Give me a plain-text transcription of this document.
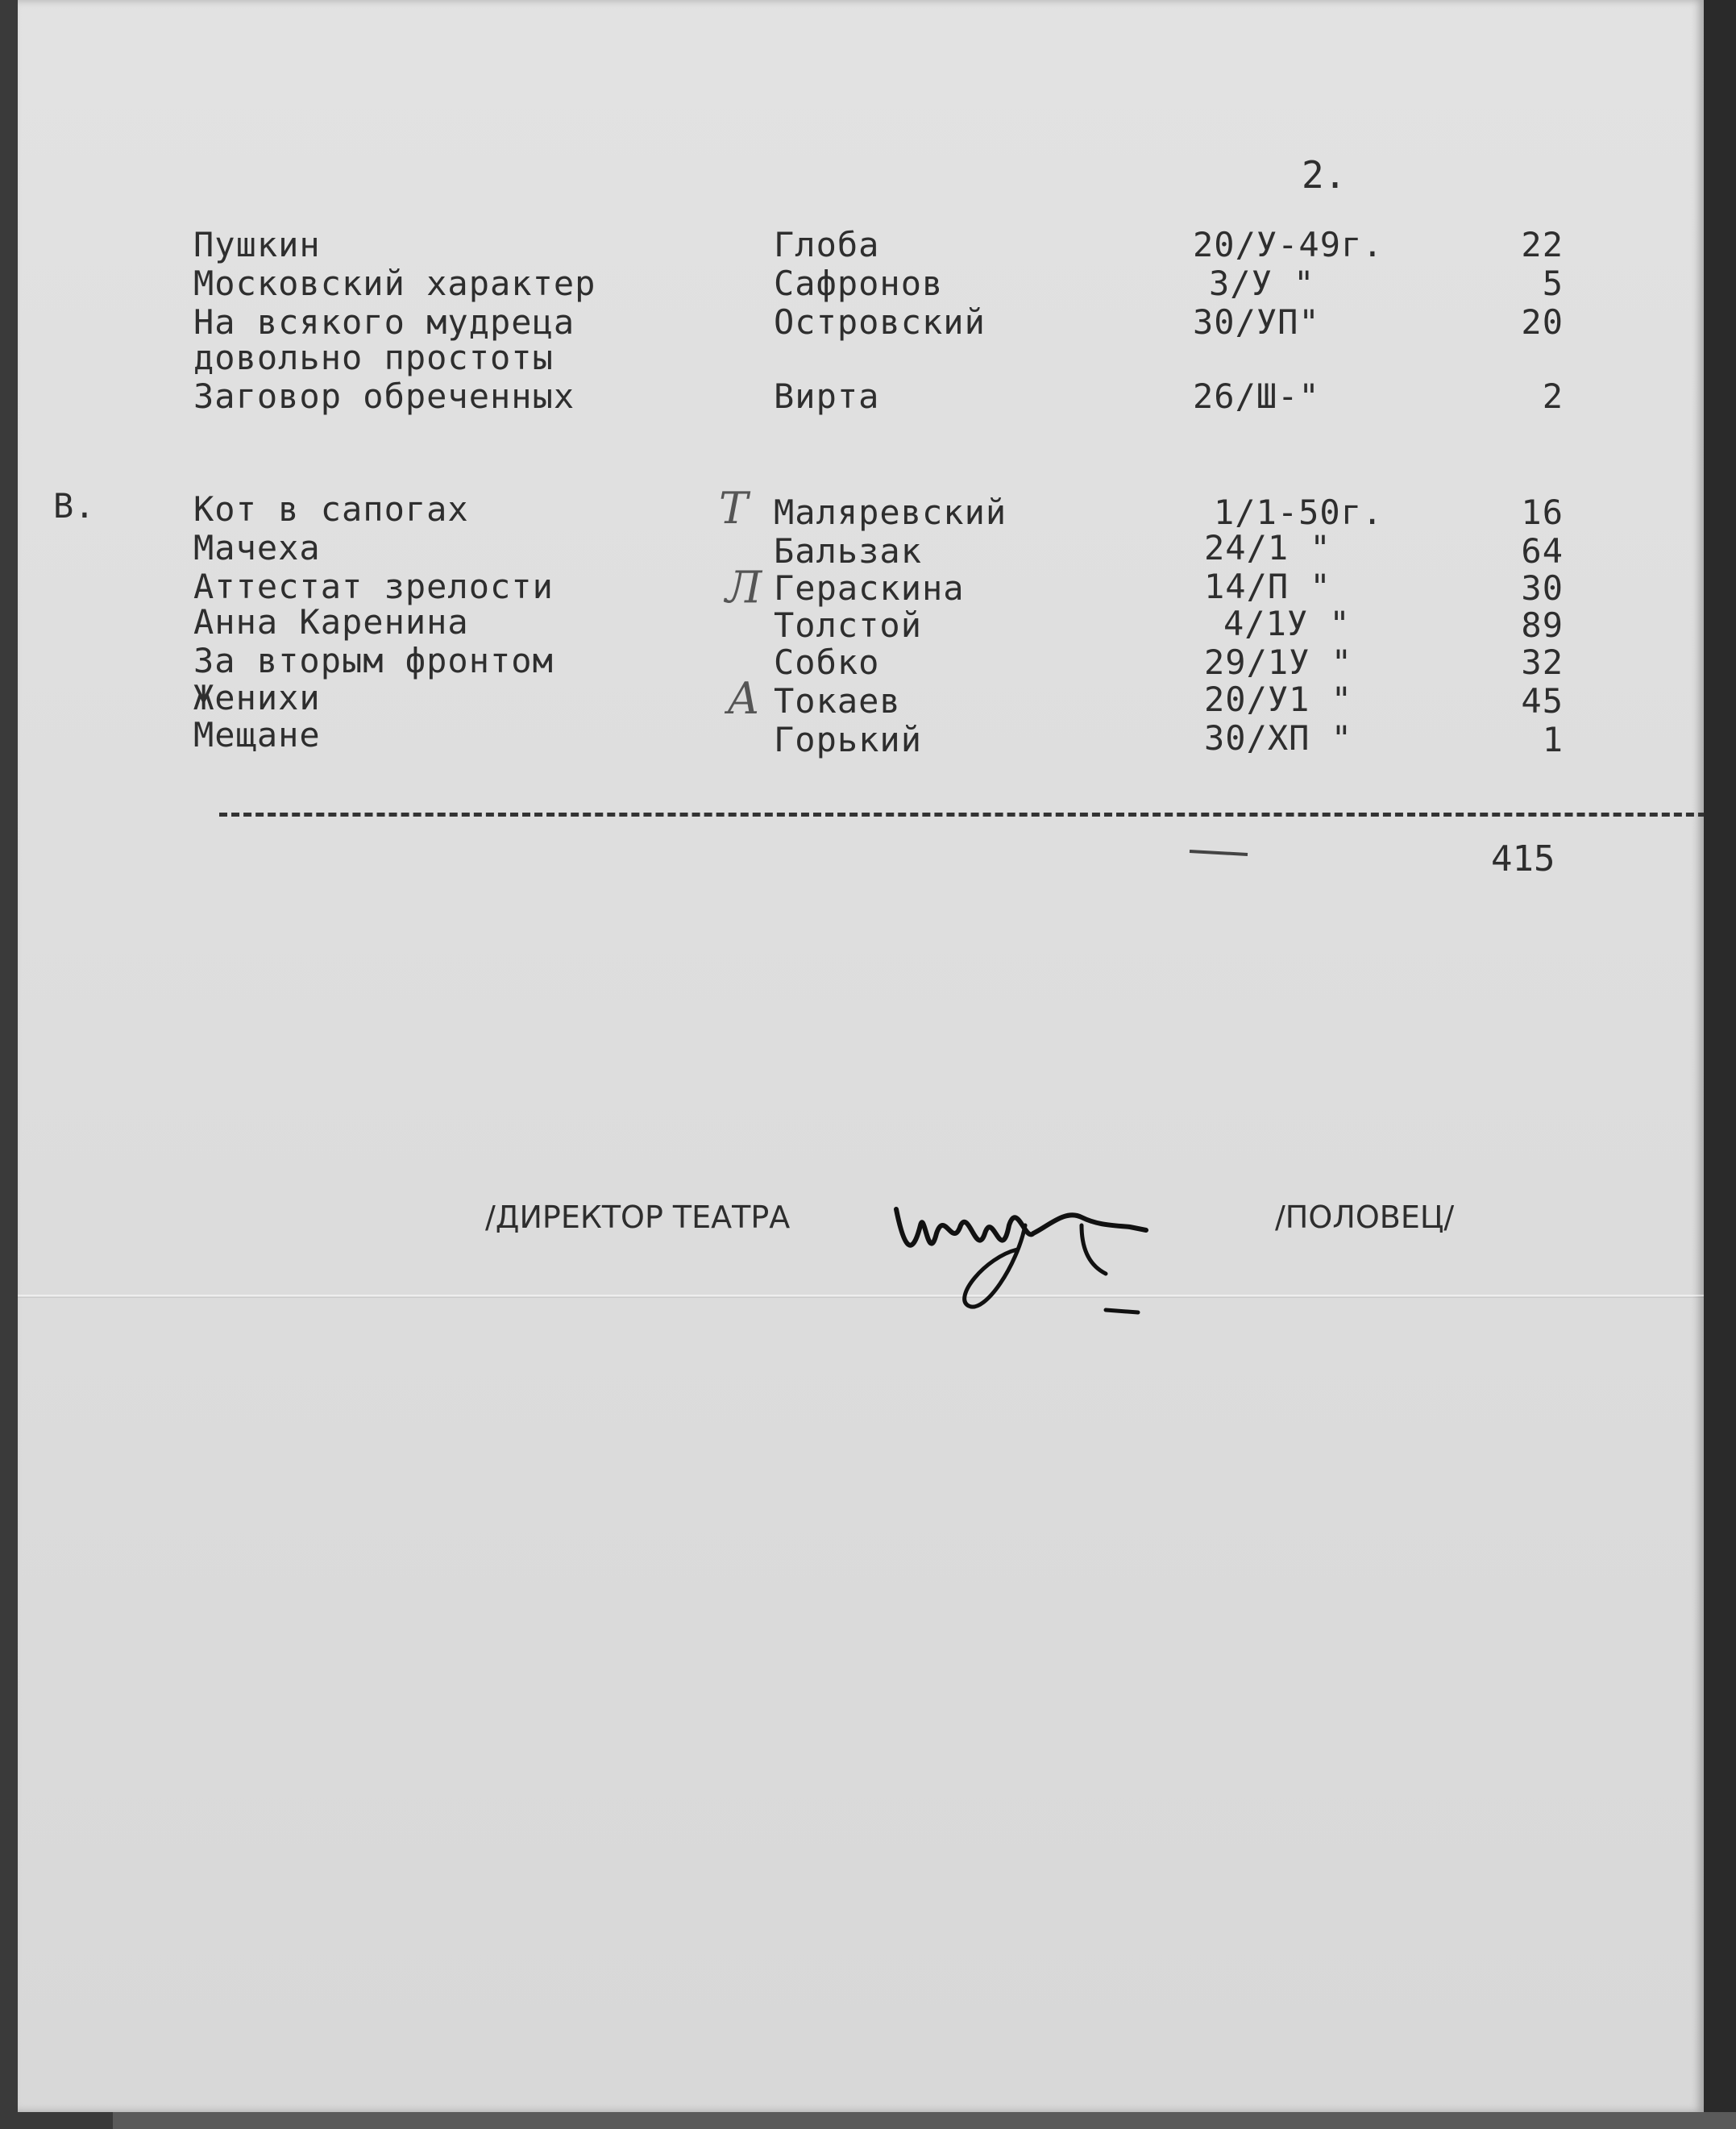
2.
Пушкин	Глоба	20/У-49г.	22
Московский характер	Сафронов	3/У "	5
На всякого мудреца	Островский	30/УП"	20
довольно простоты
Заговор обреченных	Вирта	26/Ш-"	2
В.	Т
Л
А
Кот в сапогах	Маляревский	1/1-50г.	16
Мачеха	Бальзак	24/1 "	64
Аттестат зрелости	Гераскина	14/П "	30
Анна Каренина	Толстой	4/1У "	89
За вторым фронтом	Собко	29/1У "	32
Женихи	Токаев	20/У1 "	45
Мещане	Горький	30/ХП "	1
415
/ДИРЕКТОР ТЕАТРА	/ПОЛОВЕЦ/
